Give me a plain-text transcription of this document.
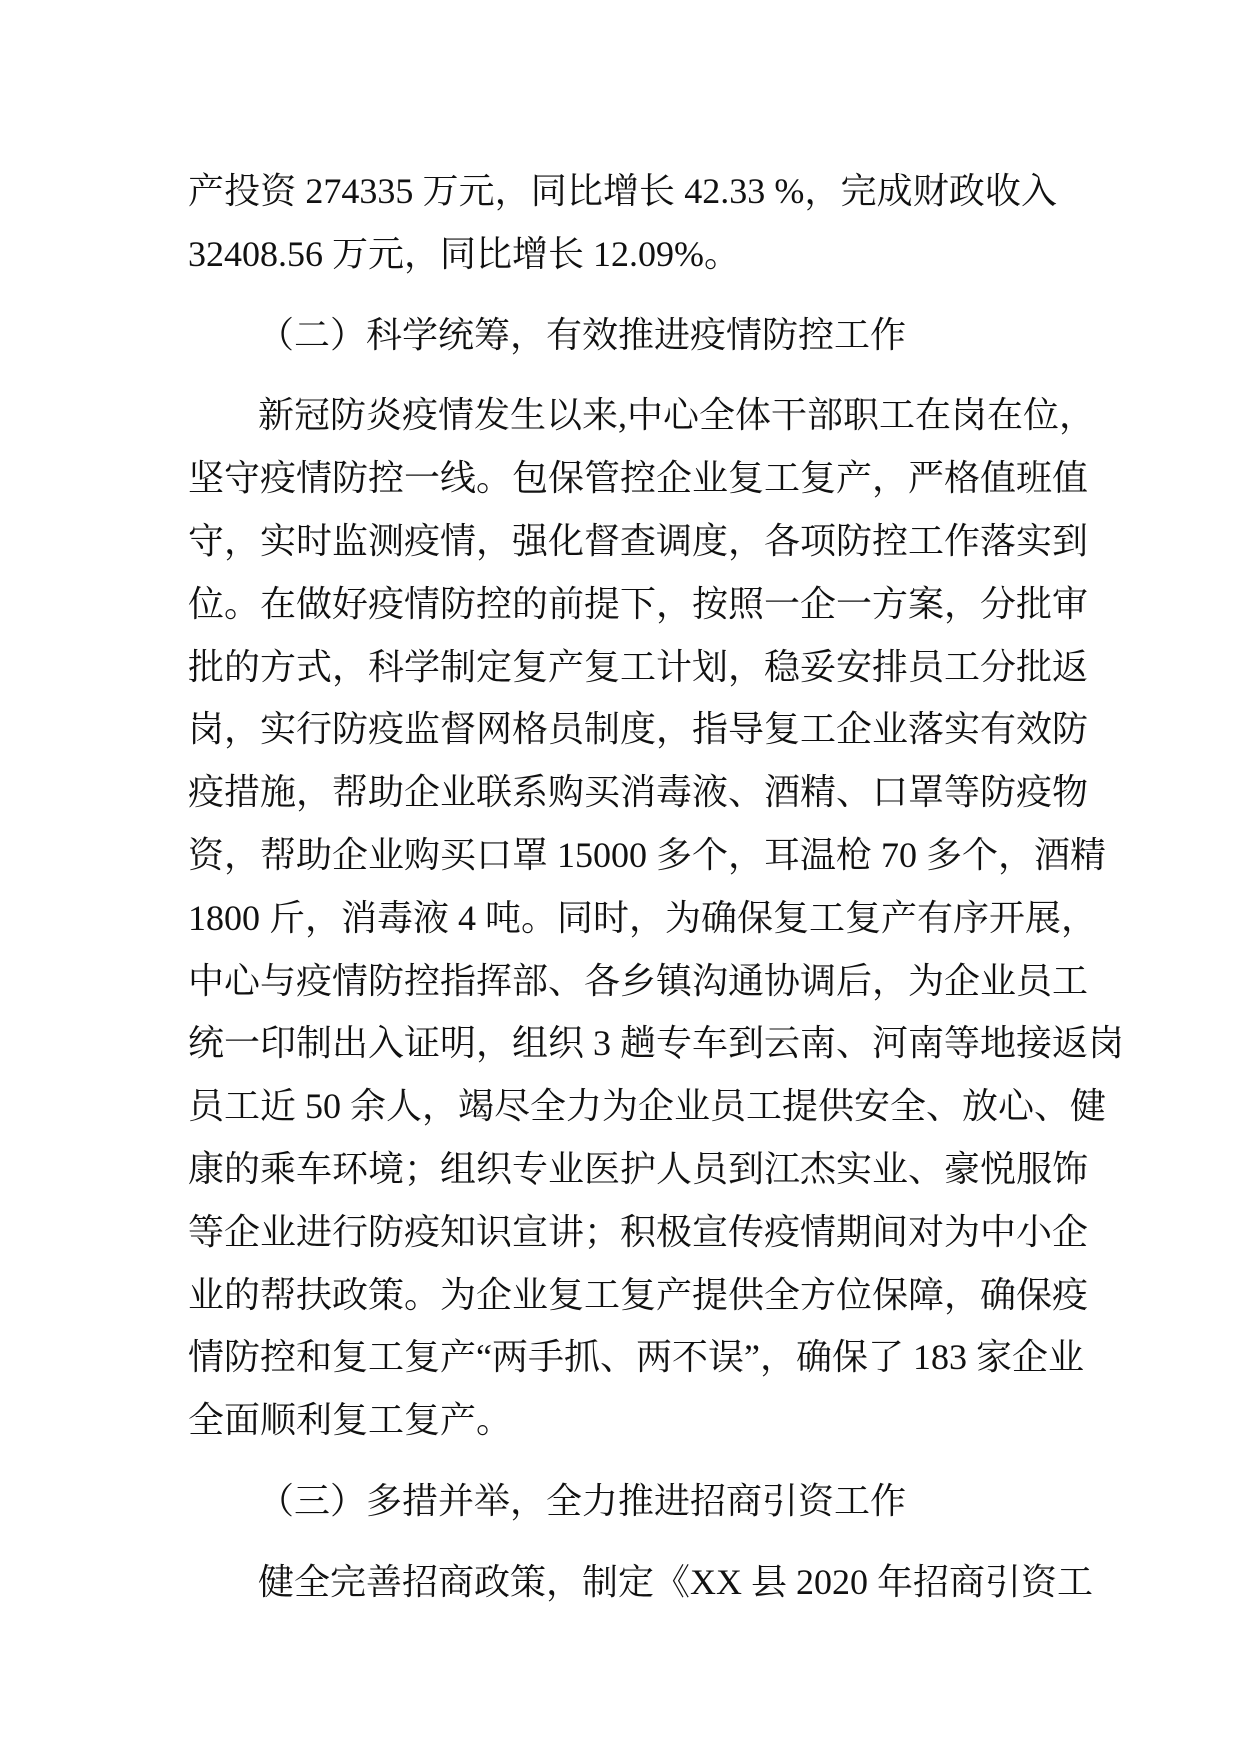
产投资 274335 万元，同比增长 42.33 %，完成财政收入
32408.56 万元，同比增长 12.09%。
（二）科学统筹，有效推进疫情防控工作
新冠防炎疫情发生以来,中心全体干部职工在岗在位，
坚守疫情防控一线。包保管控企业复工复产，严格值班值
守，实时监测疫情，强化督查调度，各项防控工作落实到
位。在做好疫情防控的前提下，按照一企一方案，分批审
批的方式，科学制定复产复工计划，稳妥安排员工分批返
岗，实行防疫监督网格员制度，指导复工企业落实有效防
疫措施，帮助企业联系购买消毒液、酒精、口罩等防疫物
资，帮助企业购买口罩 15000 多个，耳温枪 70 多个，酒精
1800 斤，消毒液 4 吨。同时，为确保复工复产有序开展，
中心与疫情防控指挥部、各乡镇沟通协调后，为企业员工
统一印制出入证明，组织 3 趟专车到云南、河南等地接返岗
员工近 50 余人，竭尽全力为企业员工提供安全、放心、健
康的乘车环境；组织专业医护人员到江杰实业、豪悦服饰
等企业进行防疫知识宣讲；积极宣传疫情期间对为中小企
业的帮扶政策。为企业复工复产提供全方位保障，确保疫
情防控和复工复产“两手抓、两不误”，确保了 183 家企业
全面顺利复工复产。
（三）多措并举，全力推进招商引资工作
健全完善招商政策，制定《XX 县 2020 年招商引资工
